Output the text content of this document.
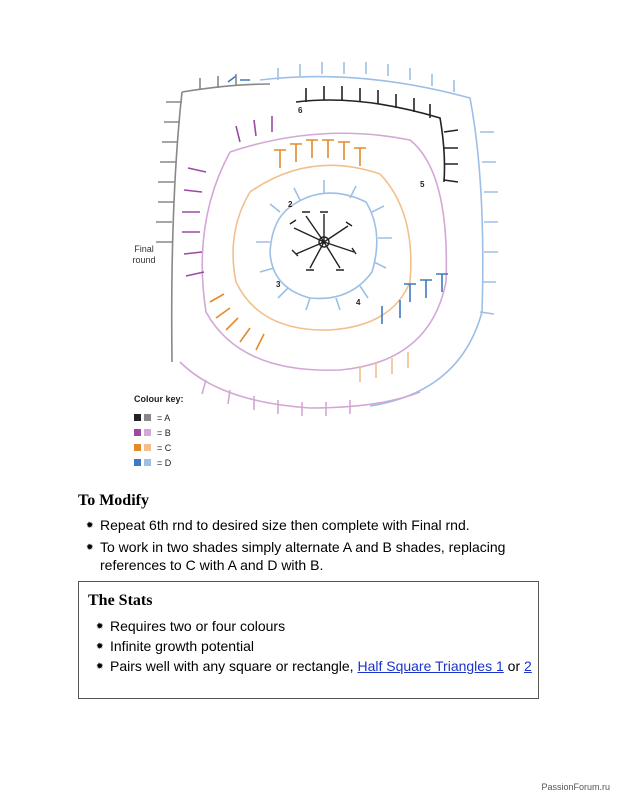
2
3
4
5
6
a
Final round
Colour key:
= A
= B
= C
= D
To Modify
✹ Repeat 6th rnd to desired size then complete with Final rnd.
✹ To work in two shades simply alternate A and B shades, replacing references to C with A and D with B.
The Stats
✹ Requires two or four colours
✹ Infinite growth potential
✹ Pairs well with any square or rectangle, Half Square Triangles 1 or 2
PassionForum.ru
